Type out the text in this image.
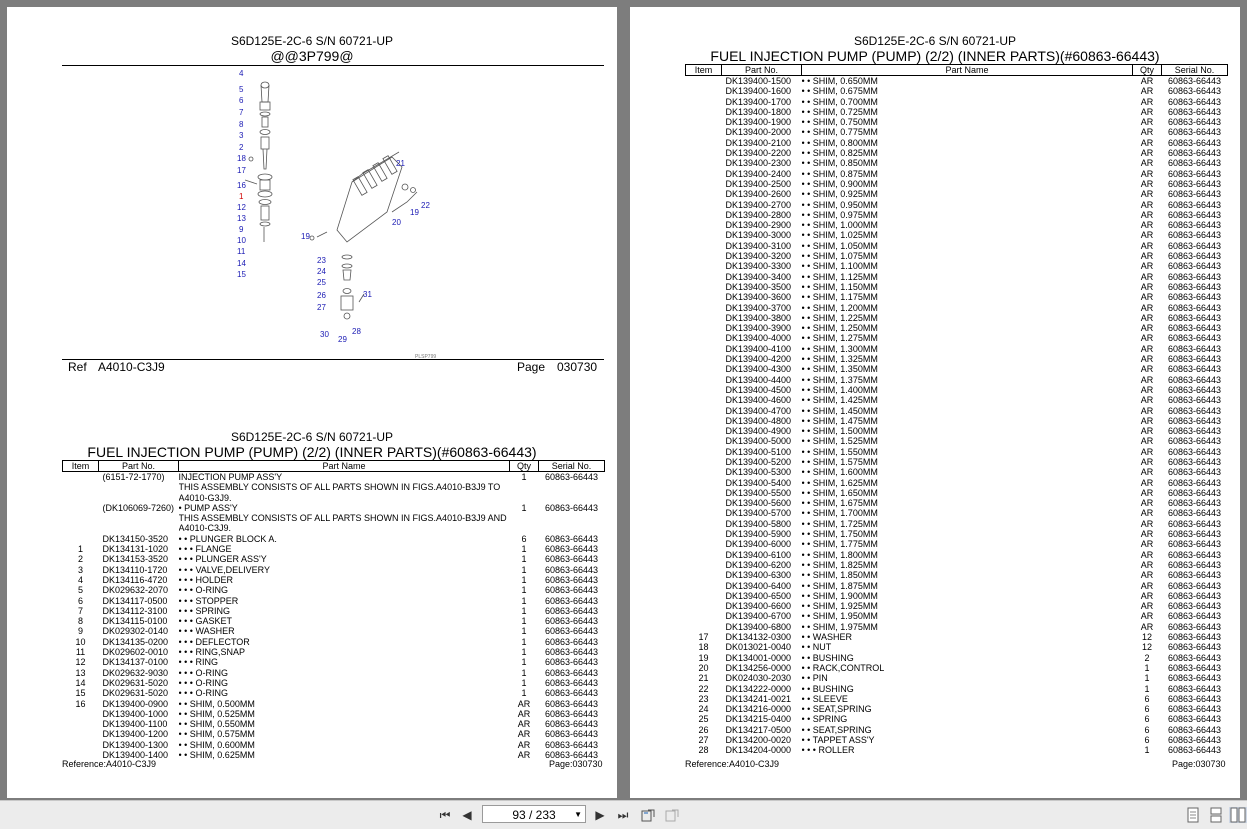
S6D125E-2C-6 S/N 60721-UP
@@3P799@
4
5
6
7
8
3
2
18
17
16
1
12
13
9
10
11
14
15
21
22
19
20
19
23
24
25
26	31
27
28
30
29
PLSP799
Ref A4010-C3J9	Page 030730
S6D125E-2C-6 S/N 60721-UP
FUEL INJECTION PUMP (PUMP) (2/2) (INNER PARTS)(#60863-66443)
Item	Part No.	Part Name	Qty	Serial No.
	(6151-72-1770)	INJECTION PUMP ASS'Y	1	60863-66443
		THIS ASSEMBLY CONSISTS OF ALL PARTS SHOWN IN FIGS.A4010-B3J9 TO A4010-G3J9.		
	(DK106069-7260)	• PUMP ASS'Y	1	60863-66443
		THIS ASSEMBLY CONSISTS OF ALL PARTS SHOWN IN FIGS.A4010-B3J9 AND A4010-C3J9.		
	DK134150-3520	• • PLUNGER BLOCK A.	6	60863-66443
1	DK134131-1020	• • • FLANGE	1	60863-66443
2	DK134153-3520	• • • PLUNGER ASS'Y	1	60863-66443
3	DK134110-1720	• • • VALVE,DELIVERY	1	60863-66443
4	DK134116-4720	• • • HOLDER	1	60863-66443
5	DK029632-2070	• • • O-RING	1	60863-66443
6	DK134117-0500	• • • STOPPER	1	60863-66443
7	DK134112-3100	• • • SPRING	1	60863-66443
8	DK134115-0100	• • • GASKET	1	60863-66443
9	DK029302-0140	• • • WASHER	1	60863-66443
10	DK134135-0200	• • • DEFLECTOR	1	60863-66443
11	DK029602-0010	• • • RING,SNAP	1	60863-66443
12	DK134137-0100	• • • RING	1	60863-66443
13	DK029632-9030	• • • O-RING	1	60863-66443
14	DK029631-5020	• • • O-RING	1	60863-66443
15	DK029631-5020	• • • O-RING	1	60863-66443
16	DK139400-0900	• • SHIM, 0.500MM	AR	60863-66443
	DK139400-1000	• • SHIM, 0.525MM	AR	60863-66443
	DK139400-1100	• • SHIM, 0.550MM	AR	60863-66443
	DK139400-1200	• • SHIM, 0.575MM	AR	60863-66443
	DK139400-1300	• • SHIM, 0.600MM	AR	60863-66443
	DK139400-1400	• • SHIM, 0.625MM	AR	60863-66443
Reference:A4010-C3J9	Page:030730
S6D125E-2C-6 S/N 60721-UP
FUEL INJECTION PUMP (PUMP) (2/2) (INNER PARTS)(#60863-66443)
Item	Part No.	Part Name	Qty	Serial No.
	DK139400-1500	• • SHIM, 0.650MM	AR	60863-66443
	DK139400-1600	• • SHIM, 0.675MM	AR	60863-66443
	DK139400-1700	• • SHIM, 0.700MM	AR	60863-66443
	DK139400-1800	• • SHIM, 0.725MM	AR	60863-66443
	DK139400-1900	• • SHIM, 0.750MM	AR	60863-66443
	DK139400-2000	• • SHIM, 0.775MM	AR	60863-66443
	DK139400-2100	• • SHIM, 0.800MM	AR	60863-66443
	DK139400-2200	• • SHIM, 0.825MM	AR	60863-66443
	DK139400-2300	• • SHIM, 0.850MM	AR	60863-66443
	DK139400-2400	• • SHIM, 0.875MM	AR	60863-66443
	DK139400-2500	• • SHIM, 0.900MM	AR	60863-66443
	DK139400-2600	• • SHIM, 0.925MM	AR	60863-66443
	DK139400-2700	• • SHIM, 0.950MM	AR	60863-66443
	DK139400-2800	• • SHIM, 0.975MM	AR	60863-66443
	DK139400-2900	• • SHIM, 1.000MM	AR	60863-66443
	DK139400-3000	• • SHIM, 1.025MM	AR	60863-66443
	DK139400-3100	• • SHIM, 1.050MM	AR	60863-66443
	DK139400-3200	• • SHIM, 1.075MM	AR	60863-66443
	DK139400-3300	• • SHIM, 1.100MM	AR	60863-66443
	DK139400-3400	• • SHIM, 1.125MM	AR	60863-66443
	DK139400-3500	• • SHIM, 1.150MM	AR	60863-66443
	DK139400-3600	• • SHIM, 1.175MM	AR	60863-66443
	DK139400-3700	• • SHIM, 1.200MM	AR	60863-66443
	DK139400-3800	• • SHIM, 1.225MM	AR	60863-66443
	DK139400-3900	• • SHIM, 1.250MM	AR	60863-66443
	DK139400-4000	• • SHIM, 1.275MM	AR	60863-66443
	DK139400-4100	• • SHIM, 1.300MM	AR	60863-66443
	DK139400-4200	• • SHIM, 1.325MM	AR	60863-66443
	DK139400-4300	• • SHIM, 1.350MM	AR	60863-66443
	DK139400-4400	• • SHIM, 1.375MM	AR	60863-66443
	DK139400-4500	• • SHIM, 1.400MM	AR	60863-66443
	DK139400-4600	• • SHIM, 1.425MM	AR	60863-66443
	DK139400-4700	• • SHIM, 1.450MM	AR	60863-66443
	DK139400-4800	• • SHIM, 1.475MM	AR	60863-66443
	DK139400-4900	• • SHIM, 1.500MM	AR	60863-66443
	DK139400-5000	• • SHIM, 1.525MM	AR	60863-66443
	DK139400-5100	• • SHIM, 1.550MM	AR	60863-66443
	DK139400-5200	• • SHIM, 1.575MM	AR	60863-66443
	DK139400-5300	• • SHIM, 1.600MM	AR	60863-66443
	DK139400-5400	• • SHIM, 1.625MM	AR	60863-66443
	DK139400-5500	• • SHIM, 1.650MM	AR	60863-66443
	DK139400-5600	• • SHIM, 1.675MM	AR	60863-66443
	DK139400-5700	• • SHIM, 1.700MM	AR	60863-66443
	DK139400-5800	• • SHIM, 1.725MM	AR	60863-66443
	DK139400-5900	• • SHIM, 1.750MM	AR	60863-66443
	DK139400-6000	• • SHIM, 1.775MM	AR	60863-66443
	DK139400-6100	• • SHIM, 1.800MM	AR	60863-66443
	DK139400-6200	• • SHIM, 1.825MM	AR	60863-66443
	DK139400-6300	• • SHIM, 1.850MM	AR	60863-66443
	DK139400-6400	• • SHIM, 1.875MM	AR	60863-66443
	DK139400-6500	• • SHIM, 1.900MM	AR	60863-66443
	DK139400-6600	• • SHIM, 1.925MM	AR	60863-66443
	DK139400-6700	• • SHIM, 1.950MM	AR	60863-66443
	DK139400-6800	• • SHIM, 1.975MM	AR	60863-66443
17	DK134132-0300	• • WASHER	12	60863-66443
18	DK013021-0040	• • NUT	12	60863-66443
19	DK134001-0000	• • BUSHING	2	60863-66443
20	DK134256-0000	• • RACK,CONTROL	1	60863-66443
21	DK024030-2030	• • PIN	1	60863-66443
22	DK134222-0000	• • BUSHING	1	60863-66443
23	DK134241-0021	• • SLEEVE	6	60863-66443
24	DK134216-0000	• • SEAT,SPRING	6	60863-66443
25	DK134215-0400	• • SPRING	6	60863-66443
26	DK134217-0500	• • SEAT,SPRING	6	60863-66443
27	DK134200-0020	• • TAPPET ASS'Y	6	60863-66443
28	DK134204-0000	• • • ROLLER	1	60863-66443
Reference:A4010-C3J9	Page:030730
⏮ ◀	93 / 233 ▼ ▶ ⏭
